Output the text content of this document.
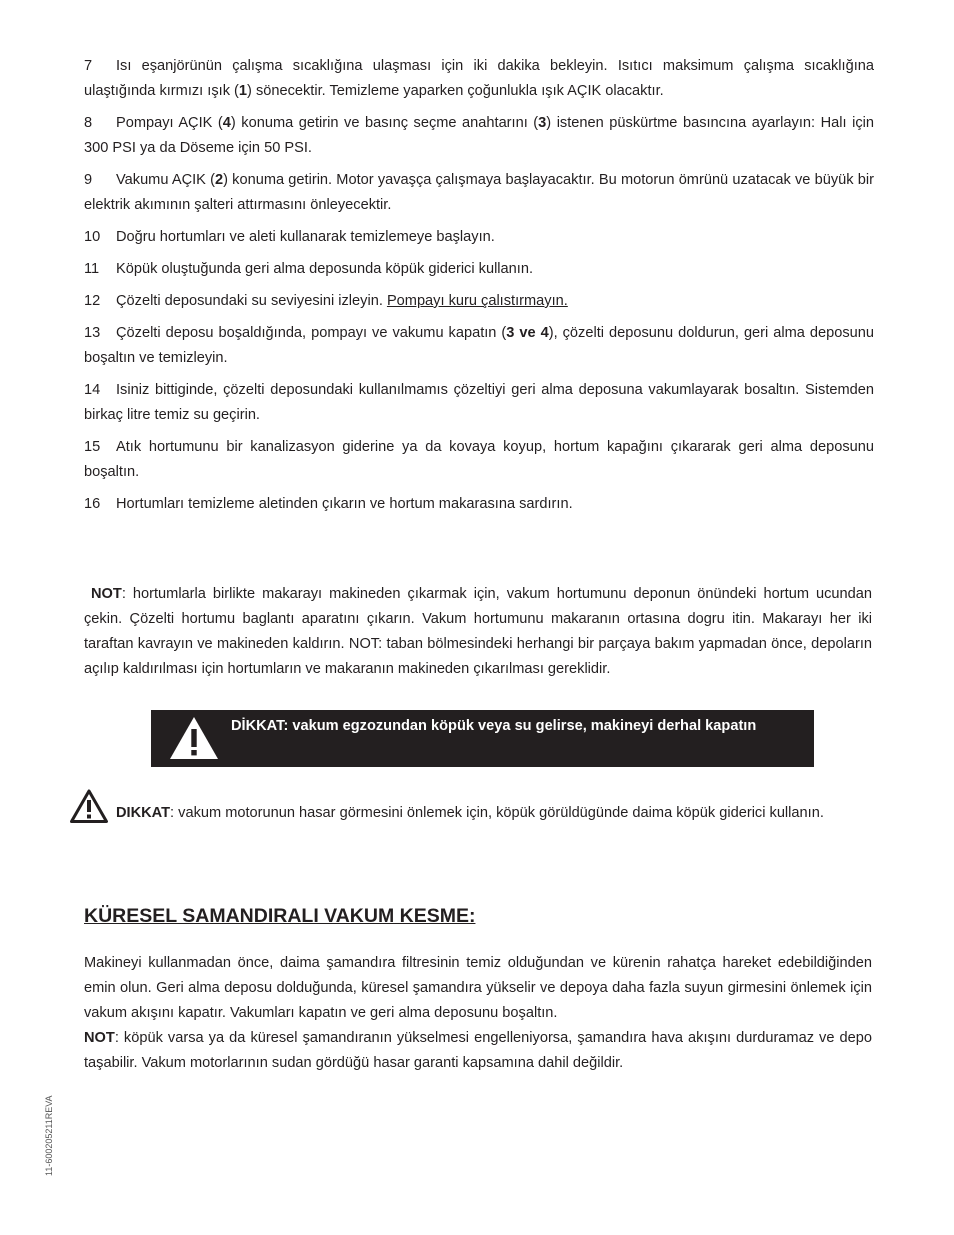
7 Isı eşanjörünün çalışma sıcaklığına ulaşması için iki dakika bekleyin. Isıtıcı maksimum çalışma sıcaklığına ulaştığında kırmızı ışık (1) sönecektir. Temizleme yaparken çoğunlukla ışık AÇIK olacaktır.

8 Pompayı AÇIK (4) konuma getirin ve basınç seçme anahtarını (3) istenen püskürtme basıncına ayarlayın: Halı için 300 PSI ya da Döseme için 50 PSI.

9 Vakumu AÇIK (2) konuma getirin. Motor yavaşça çalışmaya başlayacaktır. Bu motorun ömrünü uzatacak ve büyük bir elektrik akımının şalteri attırmasını önleyecektir.

10 Doğru hortumları ve aleti kullanarak temizlemeye başlayın.

11 Köpük oluştuğunda geri alma deposunda köpük giderici kullanın.

12 Çözelti deposundaki su seviyesini izleyin. Pompayı kuru çalıstırmayın.

13 Çözelti deposu boşaldığında, pompayı ve vakumu kapatın (3 ve 4), çözelti deposunu doldurun, geri alma deposunu boşaltın ve temizleyin.

14 Isiniz bittiginde, çözelti deposundaki kullanılmamıs çözeltiyi geri alma deposuna vakumlayarak bosaltın. Sistemden birkaç litre temiz su geçirin.

15 Atık hortumunu bir kanalizasyon giderine ya da kovaya koyup, hortum kapağını çıkararak geri alma deposunu boşaltın.

16 Hortumları temizleme aletinden çıkarın ve hortum makarasına sardırın.

NOT: hortumlarla birlikte makarayı makineden çıkarmak için, vakum hortumunu deponun önündeki hortum ucundan çekin. Çözelti hortumu baglantı aparatını çıkarın. Vakum hortumunu makaranın ortasına dogru itin. Makarayı her iki taraftan kavrayın ve makineden kaldırın. NOT: taban bölmesindeki herhangi bir parçaya bakım yapmadan önce, depoların açılıp kaldırılması için hortumların ve makaranın makineden çıkarılması gereklidir.

DİKKAT: vakum egzozundan köpük veya su gelirse, makineyi derhal kapatın
DIKKAT: vakum motorunun hasar görmesini önlemek için, köpük görüldügünde daima köpük giderici kullanın.
KÜRESEL SAMANDIRALI VAKUM KESME:

Makineyi kullanmadan önce, daima şamandıra filtresinin temiz olduğundan ve kürenin rahatça hareket edebildiğinden emin olun. Geri alma deposu dolduğunda, küresel şamandıra yükselir ve depoya daha fazla suyun girmesini önlemek için vakum akışını kapatır. Vakumları kapatın ve geri alma deposunu boşaltın.
NOT: köpük varsa ya da küresel şamandıranın yükselmesi engelleniyorsa, şamandıra hava akışını durduramaz ve depo taşabilir. Vakum motorlarının sudan gördüğü hasar garanti kapsamına dahil değildir.

11-60020521​1REVA
